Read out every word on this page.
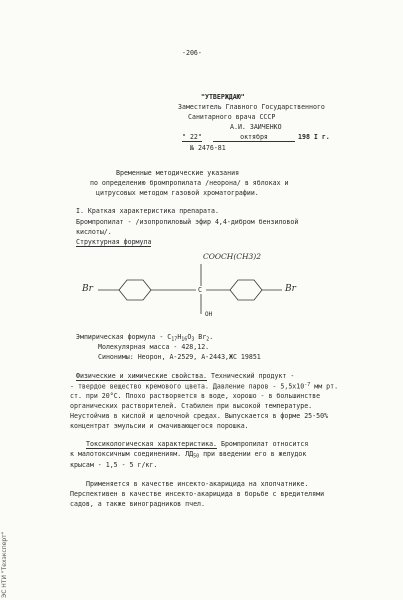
-206-
"УТВЕРЖДАЮ"
Заместитель Главного Государственного
Санитарного врача СССР
А.И. ЗАИЧЕНКО
" 22"	октября	198 I г.
№ 2476-81
Временные методические указания
по определению бромпропилата /неорона/ в яблоках и
цитрусовых методом газовой хроматографии.
I. Краткая характеристика препарата.
Бромпропилат - /изопропиловый эфир 4,4-дибром бензиловой
кислоты/.
Структурная формула
COOCH(CH3)2
C
OH
Br	Br
Эмпирическая формула - $C_{17}H_{16}O_3$ $Br_2$.
Молекулярная масса - 428,12.
Синонимы: Неорон, А-2529, А-2443,ЖС 19851
Физические и химические свойства. Технический продукт -
- твердое вещество кремового цвета. Давление паров - $5,5х10^{-7}$ мм рт.
ст. при 20°С. Плохо растворяется в воде, хорошо - в большинстве
органических растворителей. Стабилен при высокой температуре.
Неустойчив в кислой и щелочной средах. Выпускается в форме 25-50%
концентрат эмульсии и смачивающегося порошка.
Токсикологическая характеристика. Бромпропилат относится
к малотоксичным соединениям. $ЛД_{50}$ при введении его в желудок
крысам - 1,5 - 5 г/кг.
Применяется в качестве инсекто-акарицида на хлопчатнике.
Перспективен в качестве инсекто-акарицида в борьбе с вредителями
садов, а также виноградников пчел.
ЭС НТИ "Техэксперт"
